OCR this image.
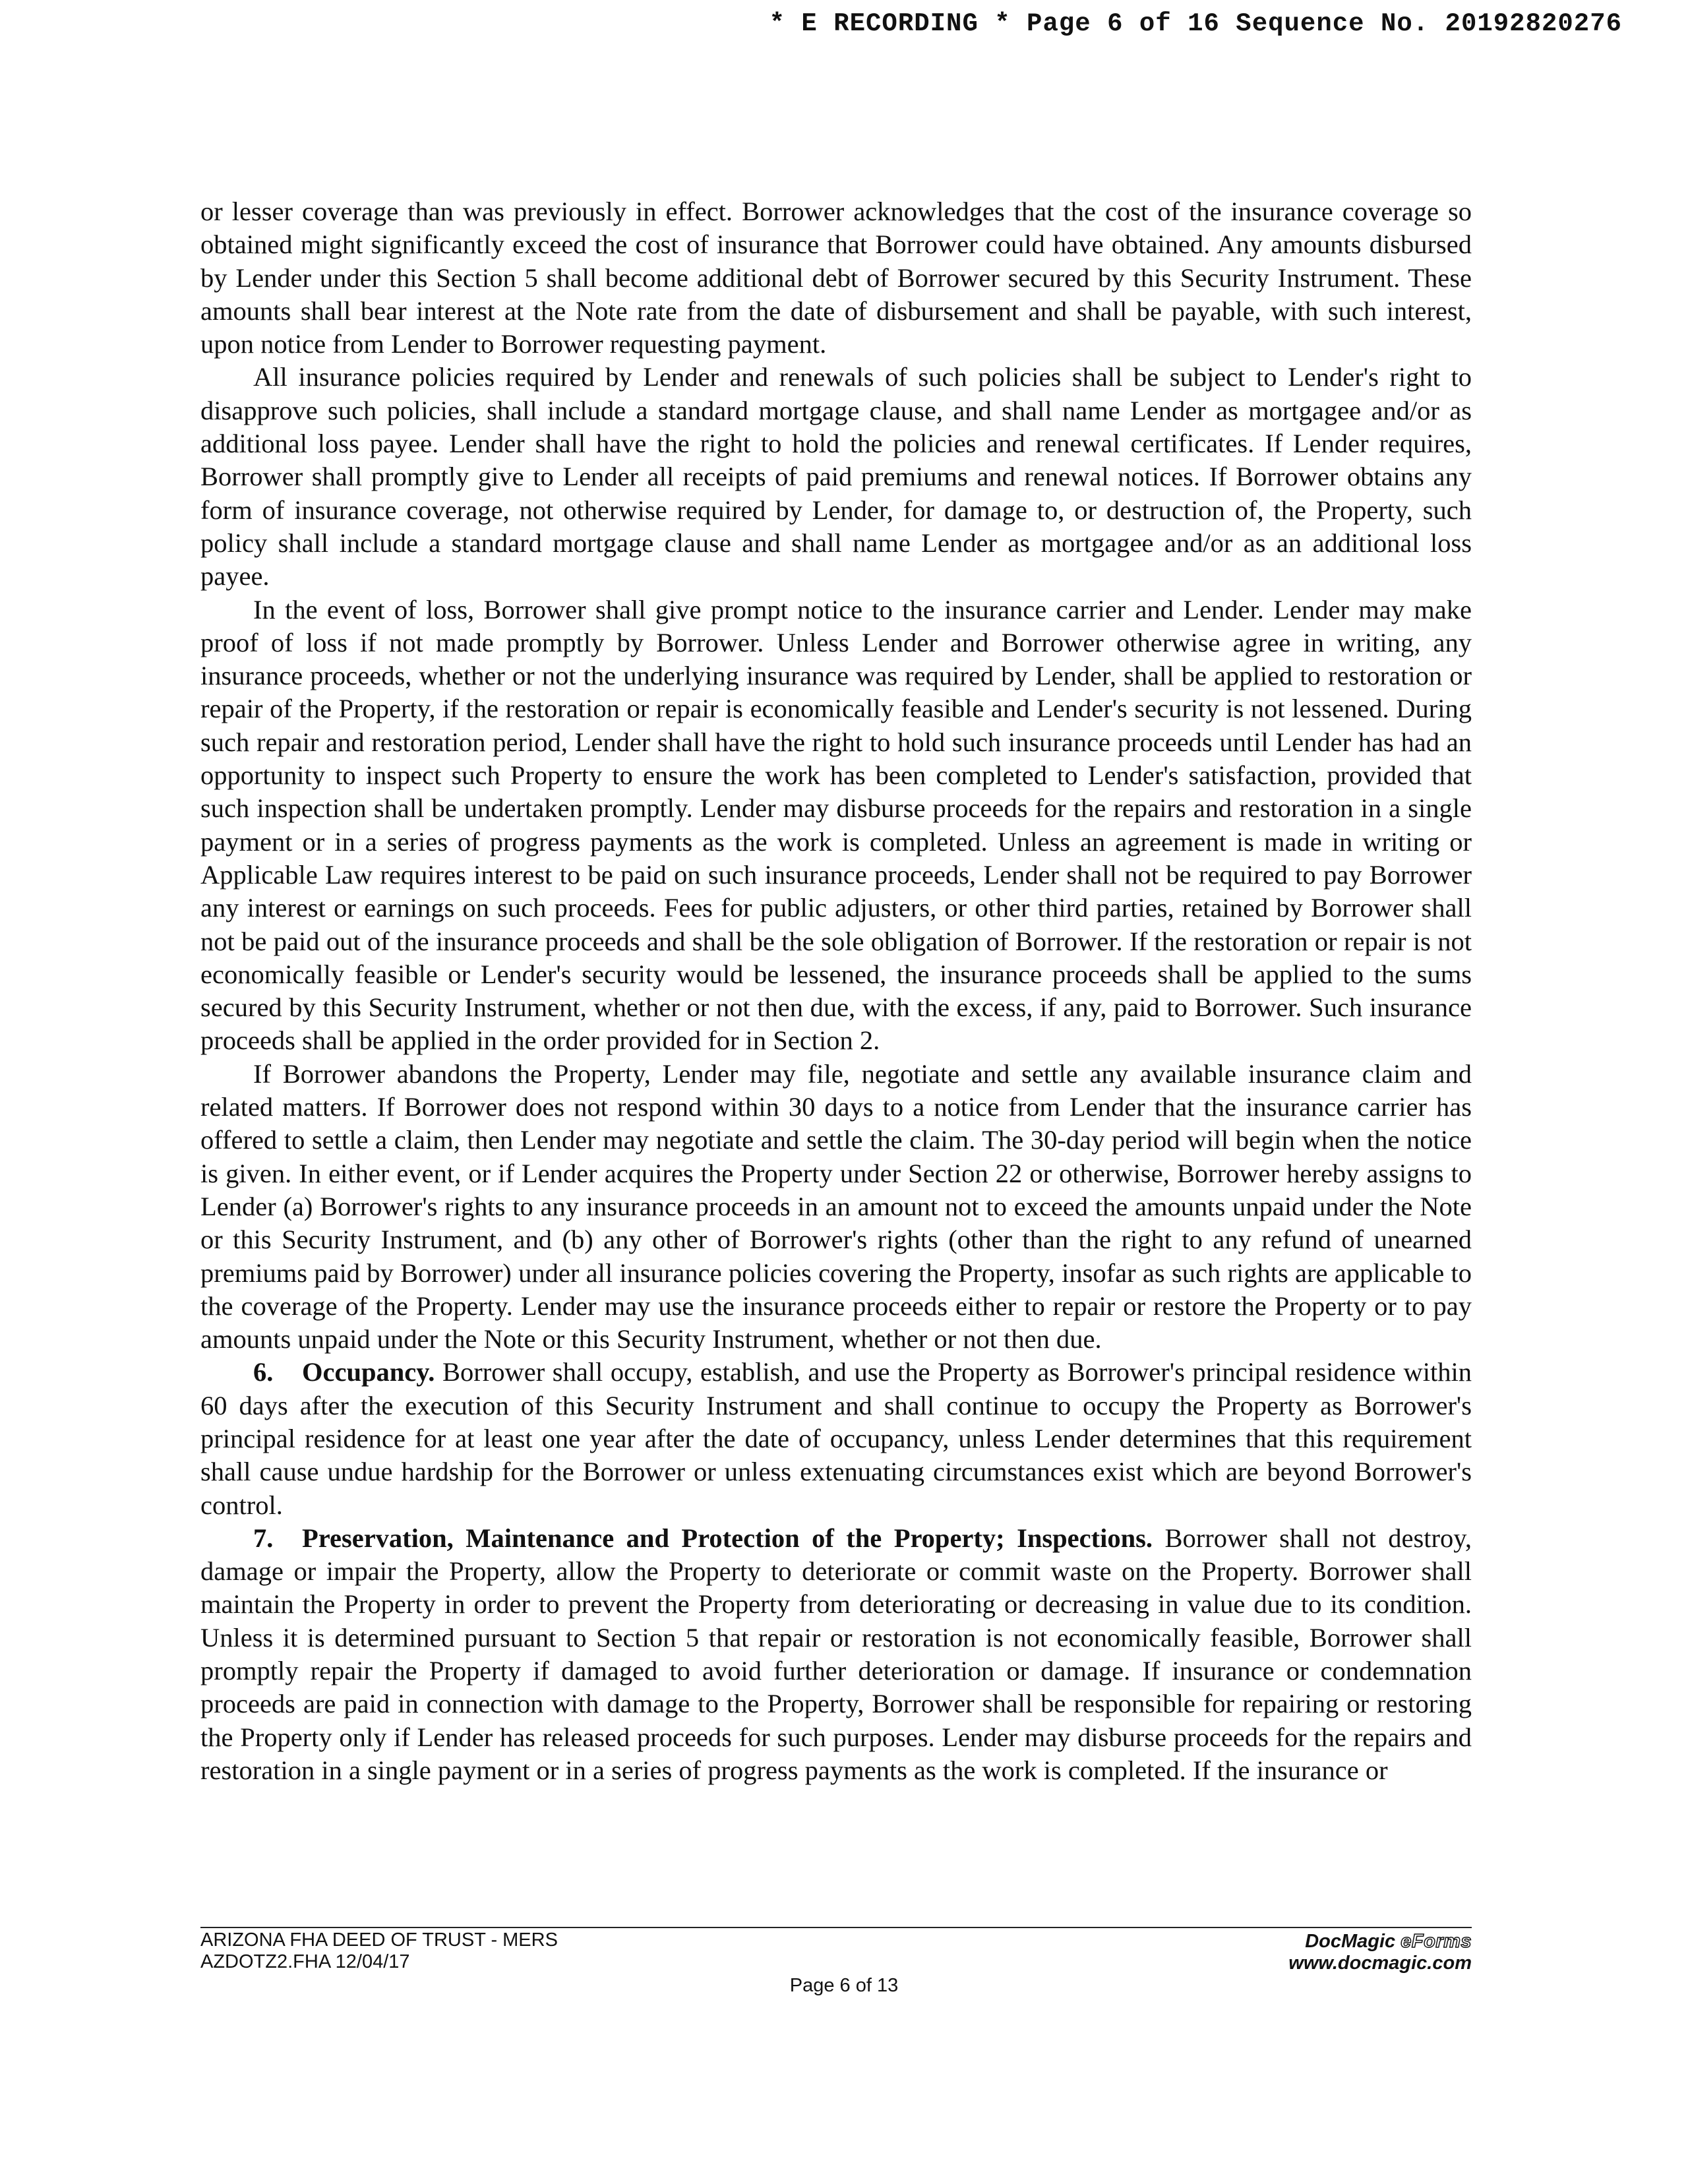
* E RECORDING * Page 6 of 16 Sequence No. 20192820276

or lesser coverage than was previously in effect. Borrower acknowledges that the cost of the insurance coverage so obtained might significantly exceed the cost of insurance that Borrower could have obtained. Any amounts disbursed by Lender under this Section 5 shall become additional debt of Borrower secured by this Security Instrument. These amounts shall bear interest at the Note rate from the date of disbursement and shall be payable, with such interest, upon notice from Lender to Borrower requesting payment.

All insurance policies required by Lender and renewals of such policies shall be subject to Lender's right to disapprove such policies, shall include a standard mortgage clause, and shall name Lender as mortgagee and/or as additional loss payee. Lender shall have the right to hold the policies and renewal certificates. If Lender requires, Borrower shall promptly give to Lender all receipts of paid premiums and renewal notices. If Borrower obtains any form of insurance coverage, not otherwise required by Lender, for damage to, or destruction of, the Property, such policy shall include a standard mortgage clause and shall name Lender as mortgagee and/or as an additional loss payee.

In the event of loss, Borrower shall give prompt notice to the insurance carrier and Lender. Lender may make proof of loss if not made promptly by Borrower. Unless Lender and Borrower otherwise agree in writing, any insurance proceeds, whether or not the underlying insurance was required by Lender, shall be applied to restoration or repair of the Property, if the restoration or repair is economically feasible and Lender's security is not lessened. During such repair and restoration period, Lender shall have the right to hold such insurance proceeds until Lender has had an opportunity to inspect such Property to ensure the work has been completed to Lender's satisfaction, provided that such inspection shall be undertaken promptly. Lender may disburse proceeds for the repairs and restoration in a single payment or in a series of progress payments as the work is completed. Unless an agreement is made in writing or Applicable Law requires interest to be paid on such insurance proceeds, Lender shall not be required to pay Borrower any interest or earnings on such proceeds. Fees for public adjusters, or other third parties, retained by Borrower shall not be paid out of the insurance proceeds and shall be the sole obligation of Borrower. If the restoration or repair is not economically feasible or Lender's security would be lessened, the insurance proceeds shall be applied to the sums secured by this Security Instrument, whether or not then due, with the excess, if any, paid to Borrower. Such insurance proceeds shall be applied in the order provided for in Section 2.

If Borrower abandons the Property, Lender may file, negotiate and settle any available insurance claim and related matters. If Borrower does not respond within 30 days to a notice from Lender that the insurance carrier has offered to settle a claim, then Lender may negotiate and settle the claim. The 30-day period will begin when the notice is given. In either event, or if Lender acquires the Property under Section 22 or otherwise, Borrower hereby assigns to Lender (a) Borrower's rights to any insurance proceeds in an amount not to exceed the amounts unpaid under the Note or this Security Instrument, and (b) any other of Borrower's rights (other than the right to any refund of unearned premiums paid by Borrower) under all insurance policies covering the Property, insofar as such rights are applicable to the coverage of the Property. Lender may use the insurance proceeds either to repair or restore the Property or to pay amounts unpaid under the Note or this Security Instrument, whether or not then due.

6. Occupancy. Borrower shall occupy, establish, and use the Property as Borrower's principal residence within 60 days after the execution of this Security Instrument and shall continue to occupy the Property as Borrower's principal residence for at least one year after the date of occupancy, unless Lender determines that this requirement shall cause undue hardship for the Borrower or unless extenuating circumstances exist which are beyond Borrower's control.

7. Preservation, Maintenance and Protection of the Property; Inspections. Borrower shall not destroy, damage or impair the Property, allow the Property to deteriorate or commit waste on the Property. Borrower shall maintain the Property in order to prevent the Property from deteriorating or decreasing in value due to its condition. Unless it is determined pursuant to Section 5 that repair or restoration is not economically feasible, Borrower shall promptly repair the Property if damaged to avoid further deterioration or damage. If insurance or condemnation proceeds are paid in connection with damage to the Property, Borrower shall be responsible for repairing or restoring the Property only if Lender has released proceeds for such purposes. Lender may disburse proceeds for the repairs and restoration in a single payment or in a series of progress payments as the work is completed. If the insurance or

ARIZONA FHA DEED OF TRUST - MERS
AZDOTZ2.FHA 12/04/17
Page 6 of 13
DocMagic eForms
www.docmagic.com
